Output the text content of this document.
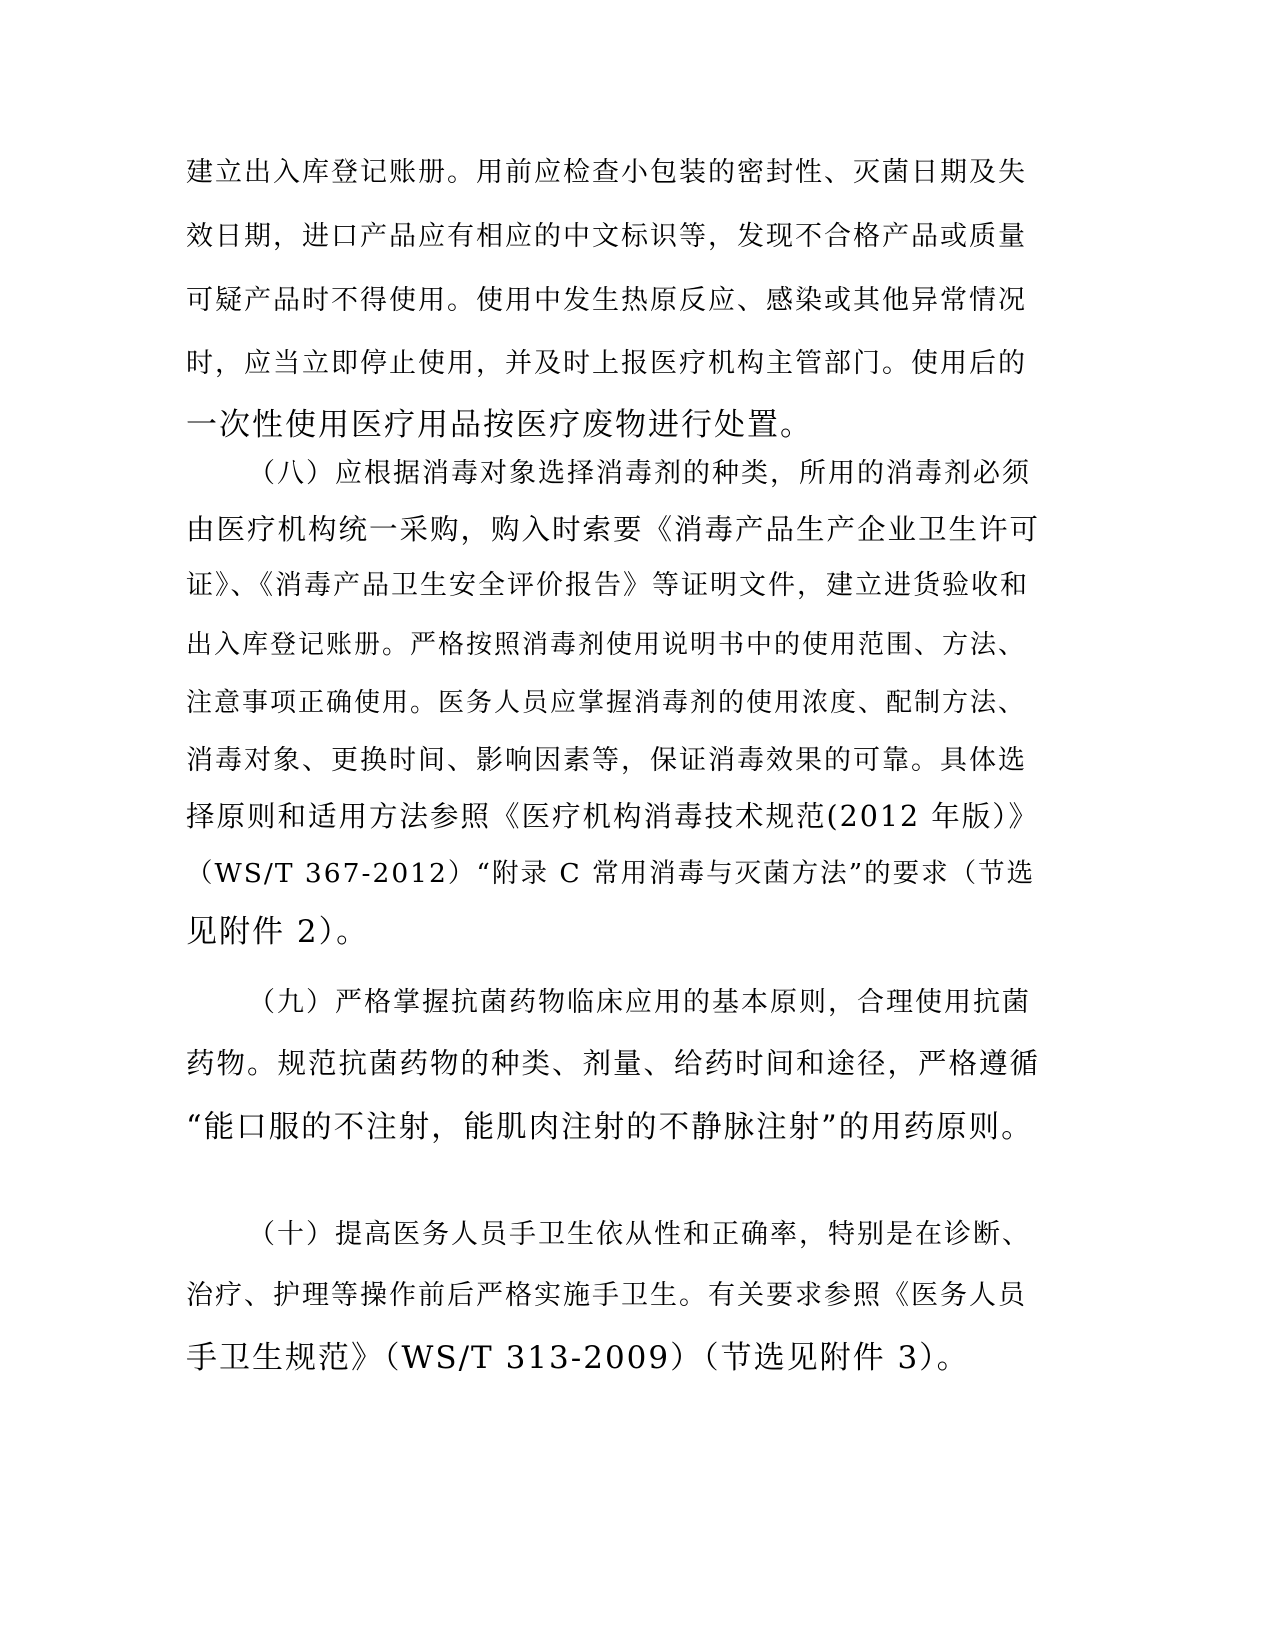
建立出入库登记账册。用前应检查小包装的密封性、灭菌日期及失

效日期，进口产品应有相应的中文标识等，发现不合格产品或质量

可疑产品时不得使用。使用中发生热原反应、感染或其他异常情况

时，应当立即停止使用，并及时上报医疗机构主管部门。使用后的

一次性使用医疗用品按医疗废物进行处置。

（八）应根据消毒对象选择消毒剂的种类，所用的消毒剂必须

由医疗机构统一采购，购入时索要《消毒产品生产企业卫生许可

证》、《消毒产品卫生安全评价报告》等证明文件，建立进货验收和

出入库登记账册。严格按照消毒剂使用说明书中的使用范围、方法、

注意事项正确使用。医务人员应掌握消毒剂的使用浓度、配制方法、

消毒对象、更换时间、影响因素等，保证消毒效果的可靠。具体选

择原则和适用方法参照《医疗机构消毒技术规范(2012 年版）》

（WS/T 367-2012）“附录 C 常用消毒与灭菌方法”的要求（节选

见附件 2）。

（九）严格掌握抗菌药物临床应用的基本原则，合理使用抗菌

药物。规范抗菌药物的种类、剂量、给药时间和途径，严格遵循

“能口服的不注射，能肌肉注射的不静脉注射”的用药原则。

（十）提高医务人员手卫生依从性和正确率，特别是在诊断、

治疗、护理等操作前后严格实施手卫生。有关要求参照《医务人员

手卫生规范》（WS/T 313-2009）（节选见附件 3）。
